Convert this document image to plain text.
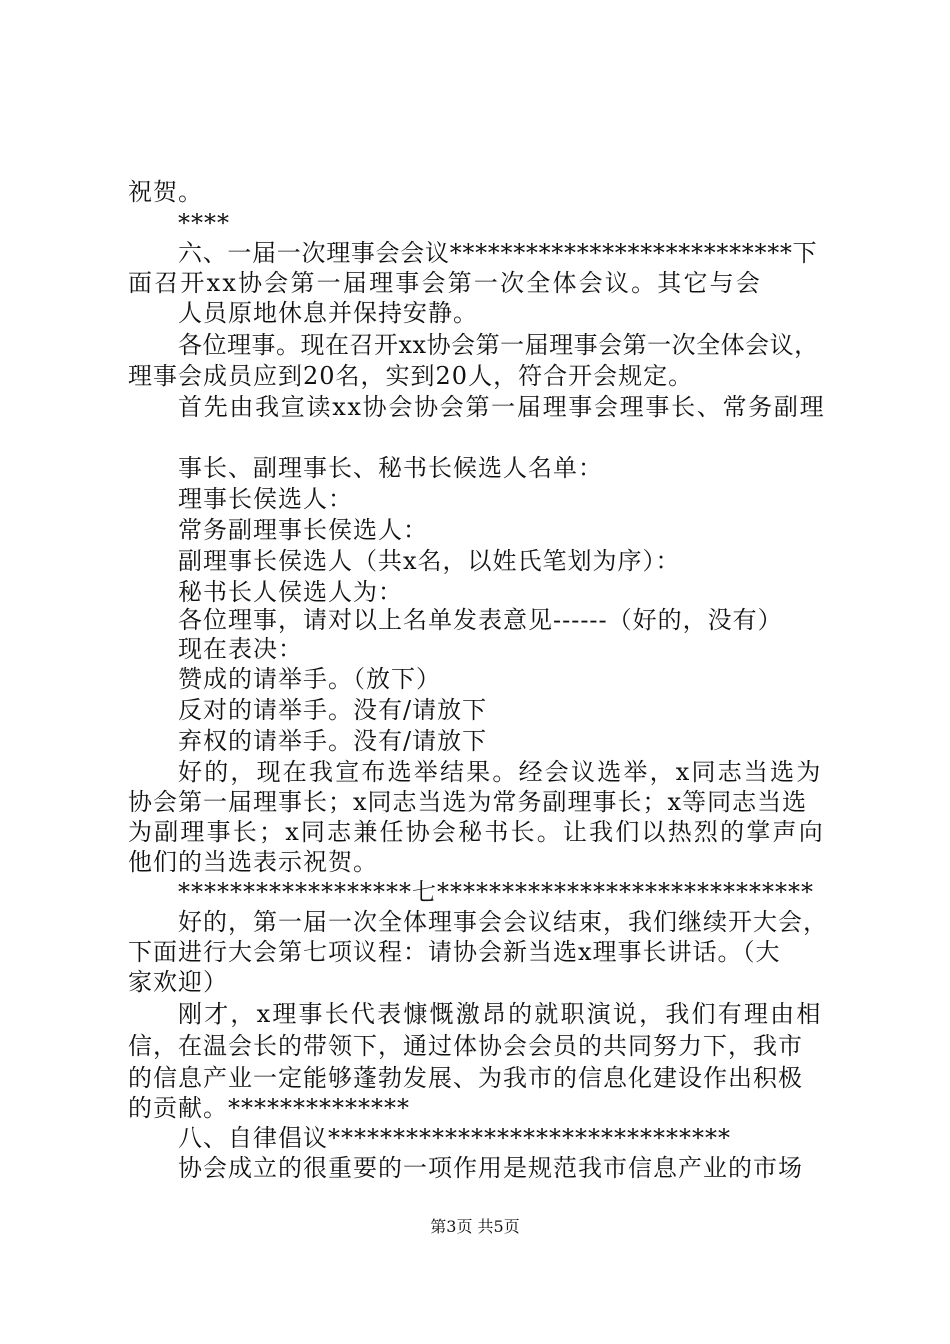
祝贺。
****
六、一届一次理事会会议***************************下
面召开xx协会第一届理事会第一次全体会议。其它与会
人员原地休息并保持安静。
各位理事。现在召开xx协会第一届理事会第一次全体会议，
理事会成员应到20名，实到20人，符合开会规定。
首先由我宣读xx协会协会第一届理事会理事长、常务副理
事长、副理事长、秘书长候选人名单：
理事长侯选人：
常务副理事长侯选人：
副理事长侯选人（共x名，以姓氏笔划为序）：
秘书长人侯选人为：
各位理事，请对以上名单发表意见------（好的，没有）
现在表决：
赞成的请举手。（放下）
反对的请举手。没有/请放下
弃权的请举手。没有/请放下
好的，现在我宣布选举结果。经会议选举，x同志当选为
协会第一届理事长；x同志当选为常务副理事长；x等同志当选
为副理事长；x同志兼任协会秘书长。让我们以热烈的掌声向
他们的当选表示祝贺。
******************七*****************************
好的，第一届一次全体理事会会议结束，我们继续开大会，
下面进行大会第七项议程：请协会新当选x理事长讲话。（大
家欢迎）
刚才，x理事长代表慷慨激昂的就职演说，我们有理由相
信，在温会长的带领下，通过体协会会员的共同努力下，我市
的信息产业一定能够蓬勃发展、为我市的信息化建设作出积极
的贡献。**************
八、自律倡议*******************************
协会成立的很重要的一项作用是规范我市信息产业的市场
第3页 共5页
